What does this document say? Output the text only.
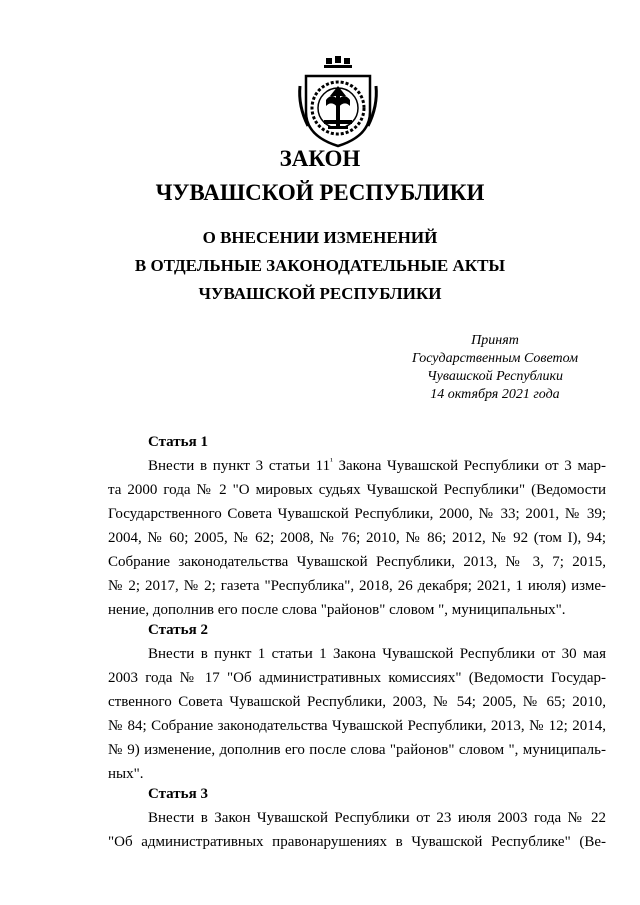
ЗАКОН
ЧУВАШСКОЙ РЕСПУБЛИКИ
О ВНЕСЕНИИ ИЗМЕНЕНИЙ
В ОТДЕЛЬНЫЕ ЗАКОНОДАТЕЛЬНЫЕ АКТЫ
ЧУВАШСКОЙ РЕСПУБЛИКИ
Принят
Государственным Советом
Чувашской Республики
14 октября 2021 года
Статья 1
Внести в пункт 3 статьи $11^{^1}$ Закона Чувашской Республики от 3 мар-
та 2000 года № 2 "О мировых судьях Чувашской Республики" (Ведомости
Государственного Совета Чувашской Республики, 2000, № 33; 2001, № 39;
2004, № 60; 2005, № 62; 2008, № 76; 2010, № 86; 2012, № 92 (том I), 94;
Собрание законодательства Чувашской Республики, 2013, № 3, 7; 2015,
№ 2; 2017, № 2; газета "Республика", 2018, 26 декабря; 2021, 1 июля) изме-
нение, дополнив его после слова "районов" словом ", муниципальных".
Статья 2
Внести в пункт 1 статьи 1 Закона Чувашской Республики от 30 мая
2003 года № 17 "Об административных комиссиях" (Ведомости Государ-
ственного Совета Чувашской Республики, 2003, № 54; 2005, № 65; 2010,
№ 84; Собрание законодательства Чувашской Республики, 2013, № 12; 2014,
№ 9) изменение, дополнив его после слова "районов" словом ", муниципаль-
ных".
Статья 3
Внести в Закон Чувашской Республики от 23 июля 2003 года № 22
"Об административных правонарушениях в Чувашской Республике" (Ве-
